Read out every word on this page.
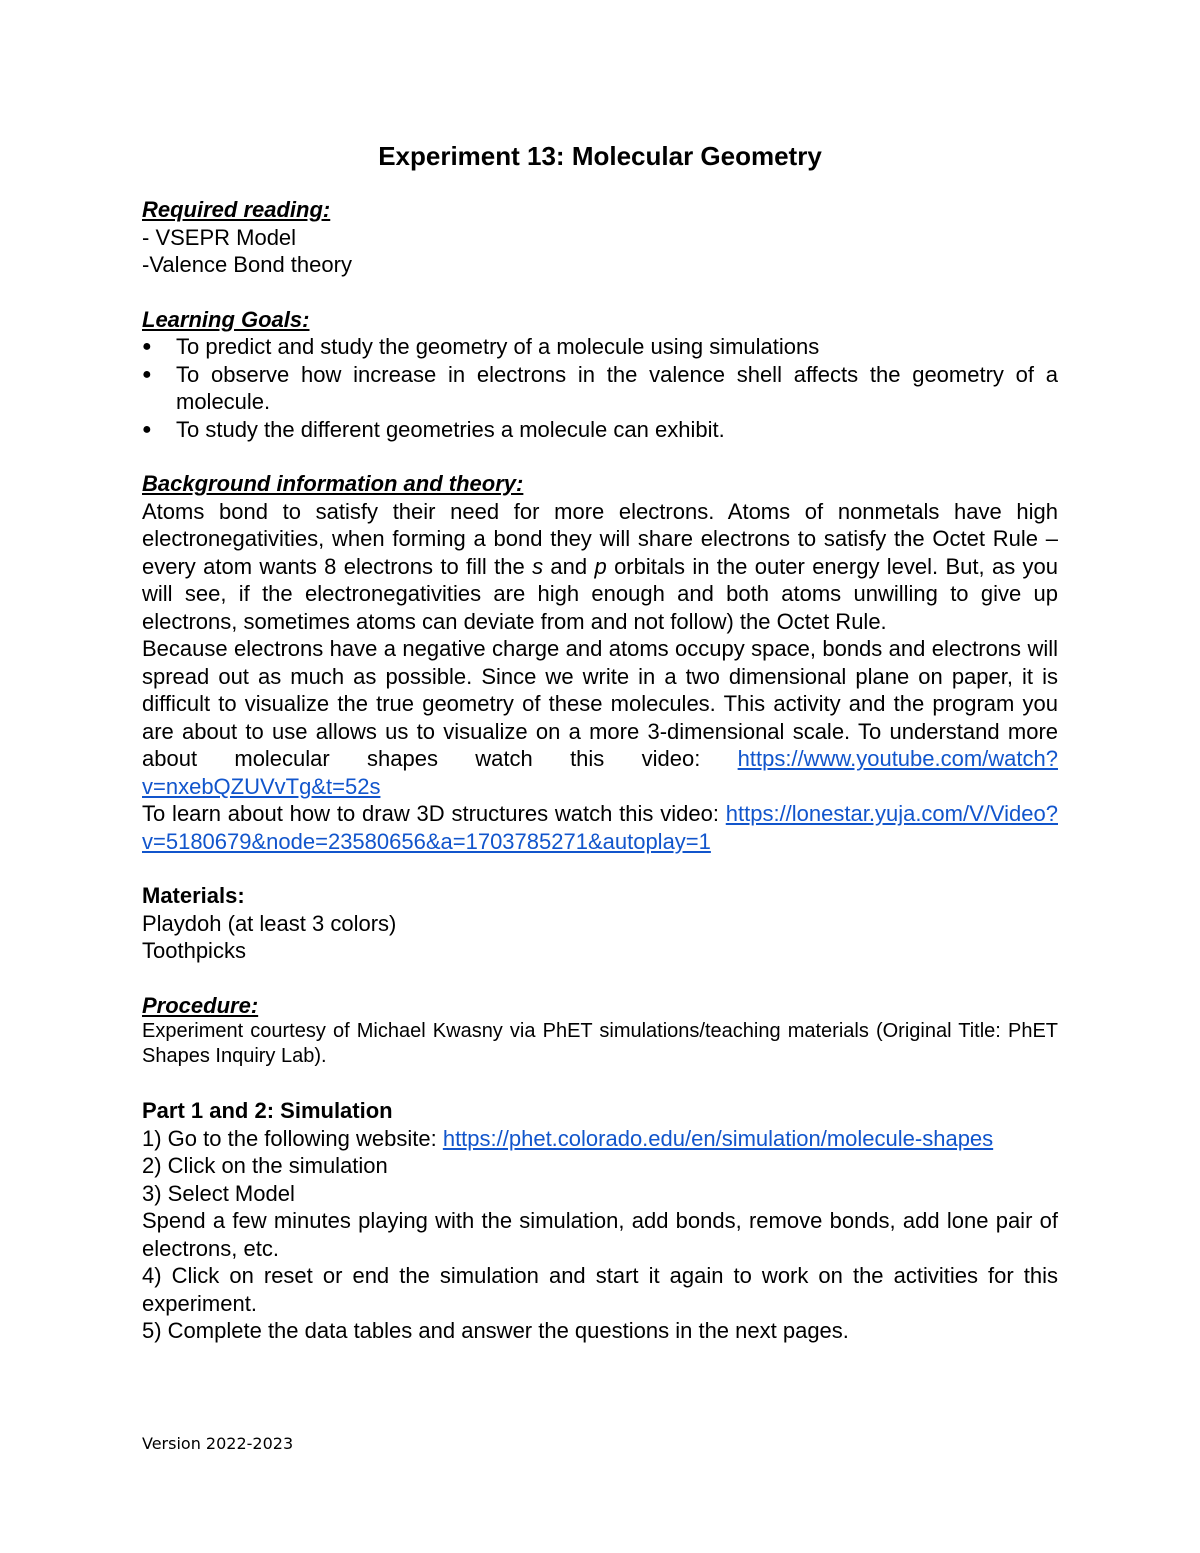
Experiment 13: Molecular Geometry

Required reading:

- VSEPR Model

-Valence Bond theory

Learning Goals:

● To predict and study the geometry of a molecule using simulations
● To observe how increase in electrons in the valence shell affects the geometry of a molecule.
● To study the different geometries a molecule can exhibit.

Background information and theory:

Atoms bond to satisfy their need for more electrons. Atoms of nonmetals have high electronegativities, when forming a bond they will share electrons to satisfy the Octet Rule – every atom wants 8 electrons to fill the s and p orbitals in the outer energy level. But, as you will see, if the electronegativities are high enough and both atoms unwilling to give up electrons, sometimes atoms can deviate from and not follow) the Octet Rule.

Because electrons have a negative charge and atoms occupy space, bonds and electrons will spread out as much as possible. Since we write in a two dimensional plane on paper, it is difficult to visualize the true geometry of these molecules. This activity and the program you are about to use allows us to visualize on a more 3-dimensional scale. To understand more about molecular shapes watch this video: https://www.youtube.com/watch?v=nxebQZUVvTg&t=52s

To learn about how to draw 3D structures watch this video: https://lonestar.yuja.com/V/Video?v=5180679&node=23580656&a=1703785271&autoplay=1

Materials:

Playdoh (at least 3 colors)

Toothpicks

Procedure:

Experiment courtesy of Michael Kwasny via PhET simulations/teaching materials (Original Title: PhET Shapes Inquiry Lab).

Part 1 and 2: Simulation

1) Go to the following website: https://phet.colorado.edu/en/simulation/molecule-shapes

2) Click on the simulation

3) Select Model

Spend a few minutes playing with the simulation, add bonds, remove bonds, add lone pair of electrons, etc.

4) Click on reset or end the simulation and start it again to work on the activities for this experiment.

5) Complete the data tables and answer the questions in the next pages.

Version 2022-2023
